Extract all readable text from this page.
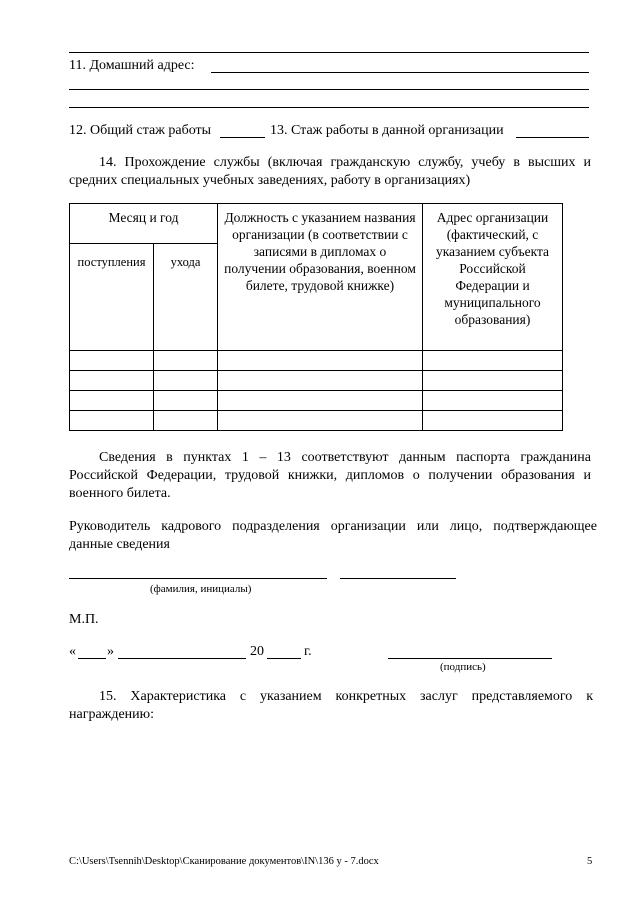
11. Домашний адрес:
12. Общий стаж работы	13. Стаж работы в данной организации
14. Прохождение службы (включая гражданскую службу, учебу в высших и средних специальных учебных заведениях, работу в организациях)
Месяц и год		Должность с указанием названия организации (в соответствии с записями в дипломах о получении образования, военном билете, трудовой книжке)	Адрес организации (фактический, с указанием субъекта Российской Федерации и муниципального образования)
поступления	ухода		

Сведения в пунктах 1 – 13 соответствуют данным паспорта гражданина Российской Федерации, трудовой книжки, дипломов о получении образования и военного билета.
Руководитель кадрового подразделения организации или лицо, подтверждающее данные сведения
(фамилия, инициалы)
М.П.
« »	20	г.
(подпись)
15. Характеристика с указанием конкретных заслуг представляемого к награждению:
C:\Users\Tsennih\Desktop\Сканирование документов\IN\136 у - 7.docx	5
